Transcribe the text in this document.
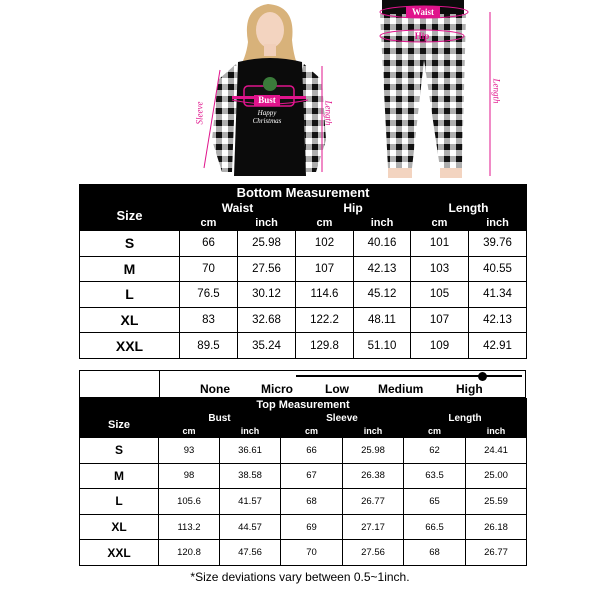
Bust
Happy Christmas
Sleeve	Length
Waist
Hip
Length
Bottom Measurement						
Size	Waist		Hip		Length	
	cm	inch	cm	inch	cm	inch
S	66	25.98	102	40.16	101	39.76
M	70	27.56	107	42.13	103	40.55
L	76.5	30.12	114.6	45.12	105	41.34
XL	83	32.68	122.2	48.11	107	42.13
XXL	89.5	35.24	129.8	51.10	109	42.91
None	Micro	Low Medium	High
Top Measurement						
Size	Bust		Sleeve		Length	
	cm	inch	cm	inch	cm	inch
S	93	36.61	66	25.98	62	24.41
M	98	38.58	67	26.38	63.5	25.00
L	105.6	41.57	68	26.77	65	25.59
XL	113.2	44.57	69	27.17	66.5	26.18
XXL	120.8	47.56	70	27.56	68	26.77
*Size deviations vary between 0.5~1inch.
